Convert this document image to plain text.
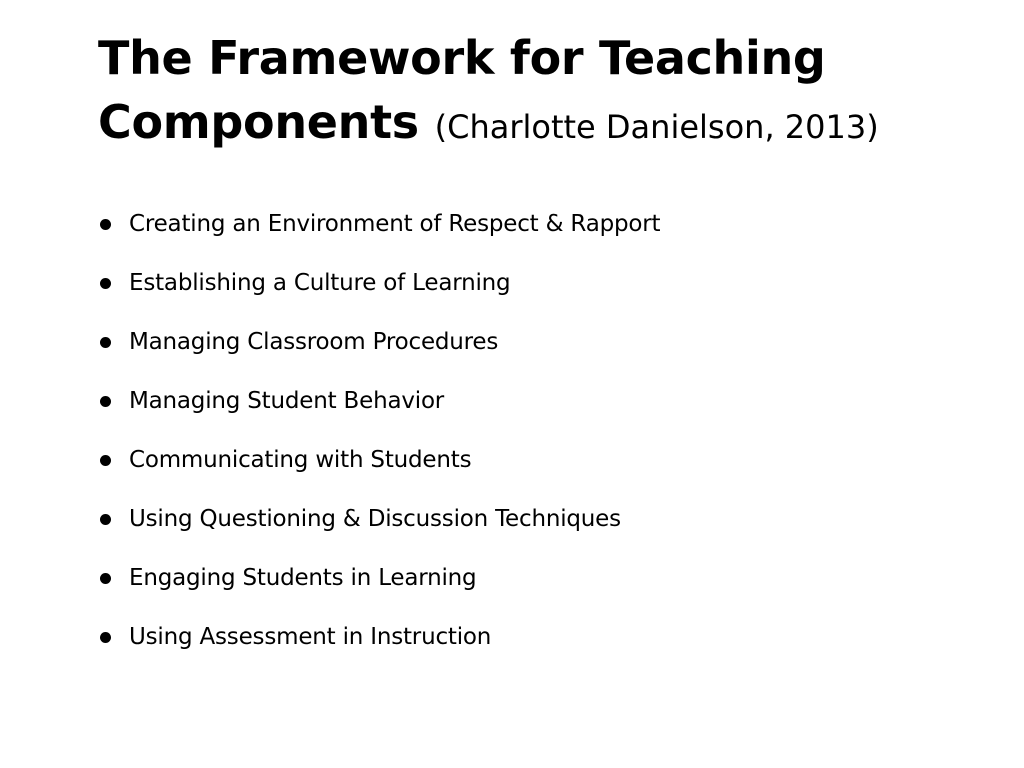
The Framework for Teaching Components (Charlotte Danielson, 2013)
Creating an Environment of Respect & Rapport
Establishing a Culture of Learning
Managing Classroom Procedures
Managing Student Behavior
Communicating with Students
Using Questioning & Discussion Techniques
Engaging Students in Learning
Using Assessment in Instruction
